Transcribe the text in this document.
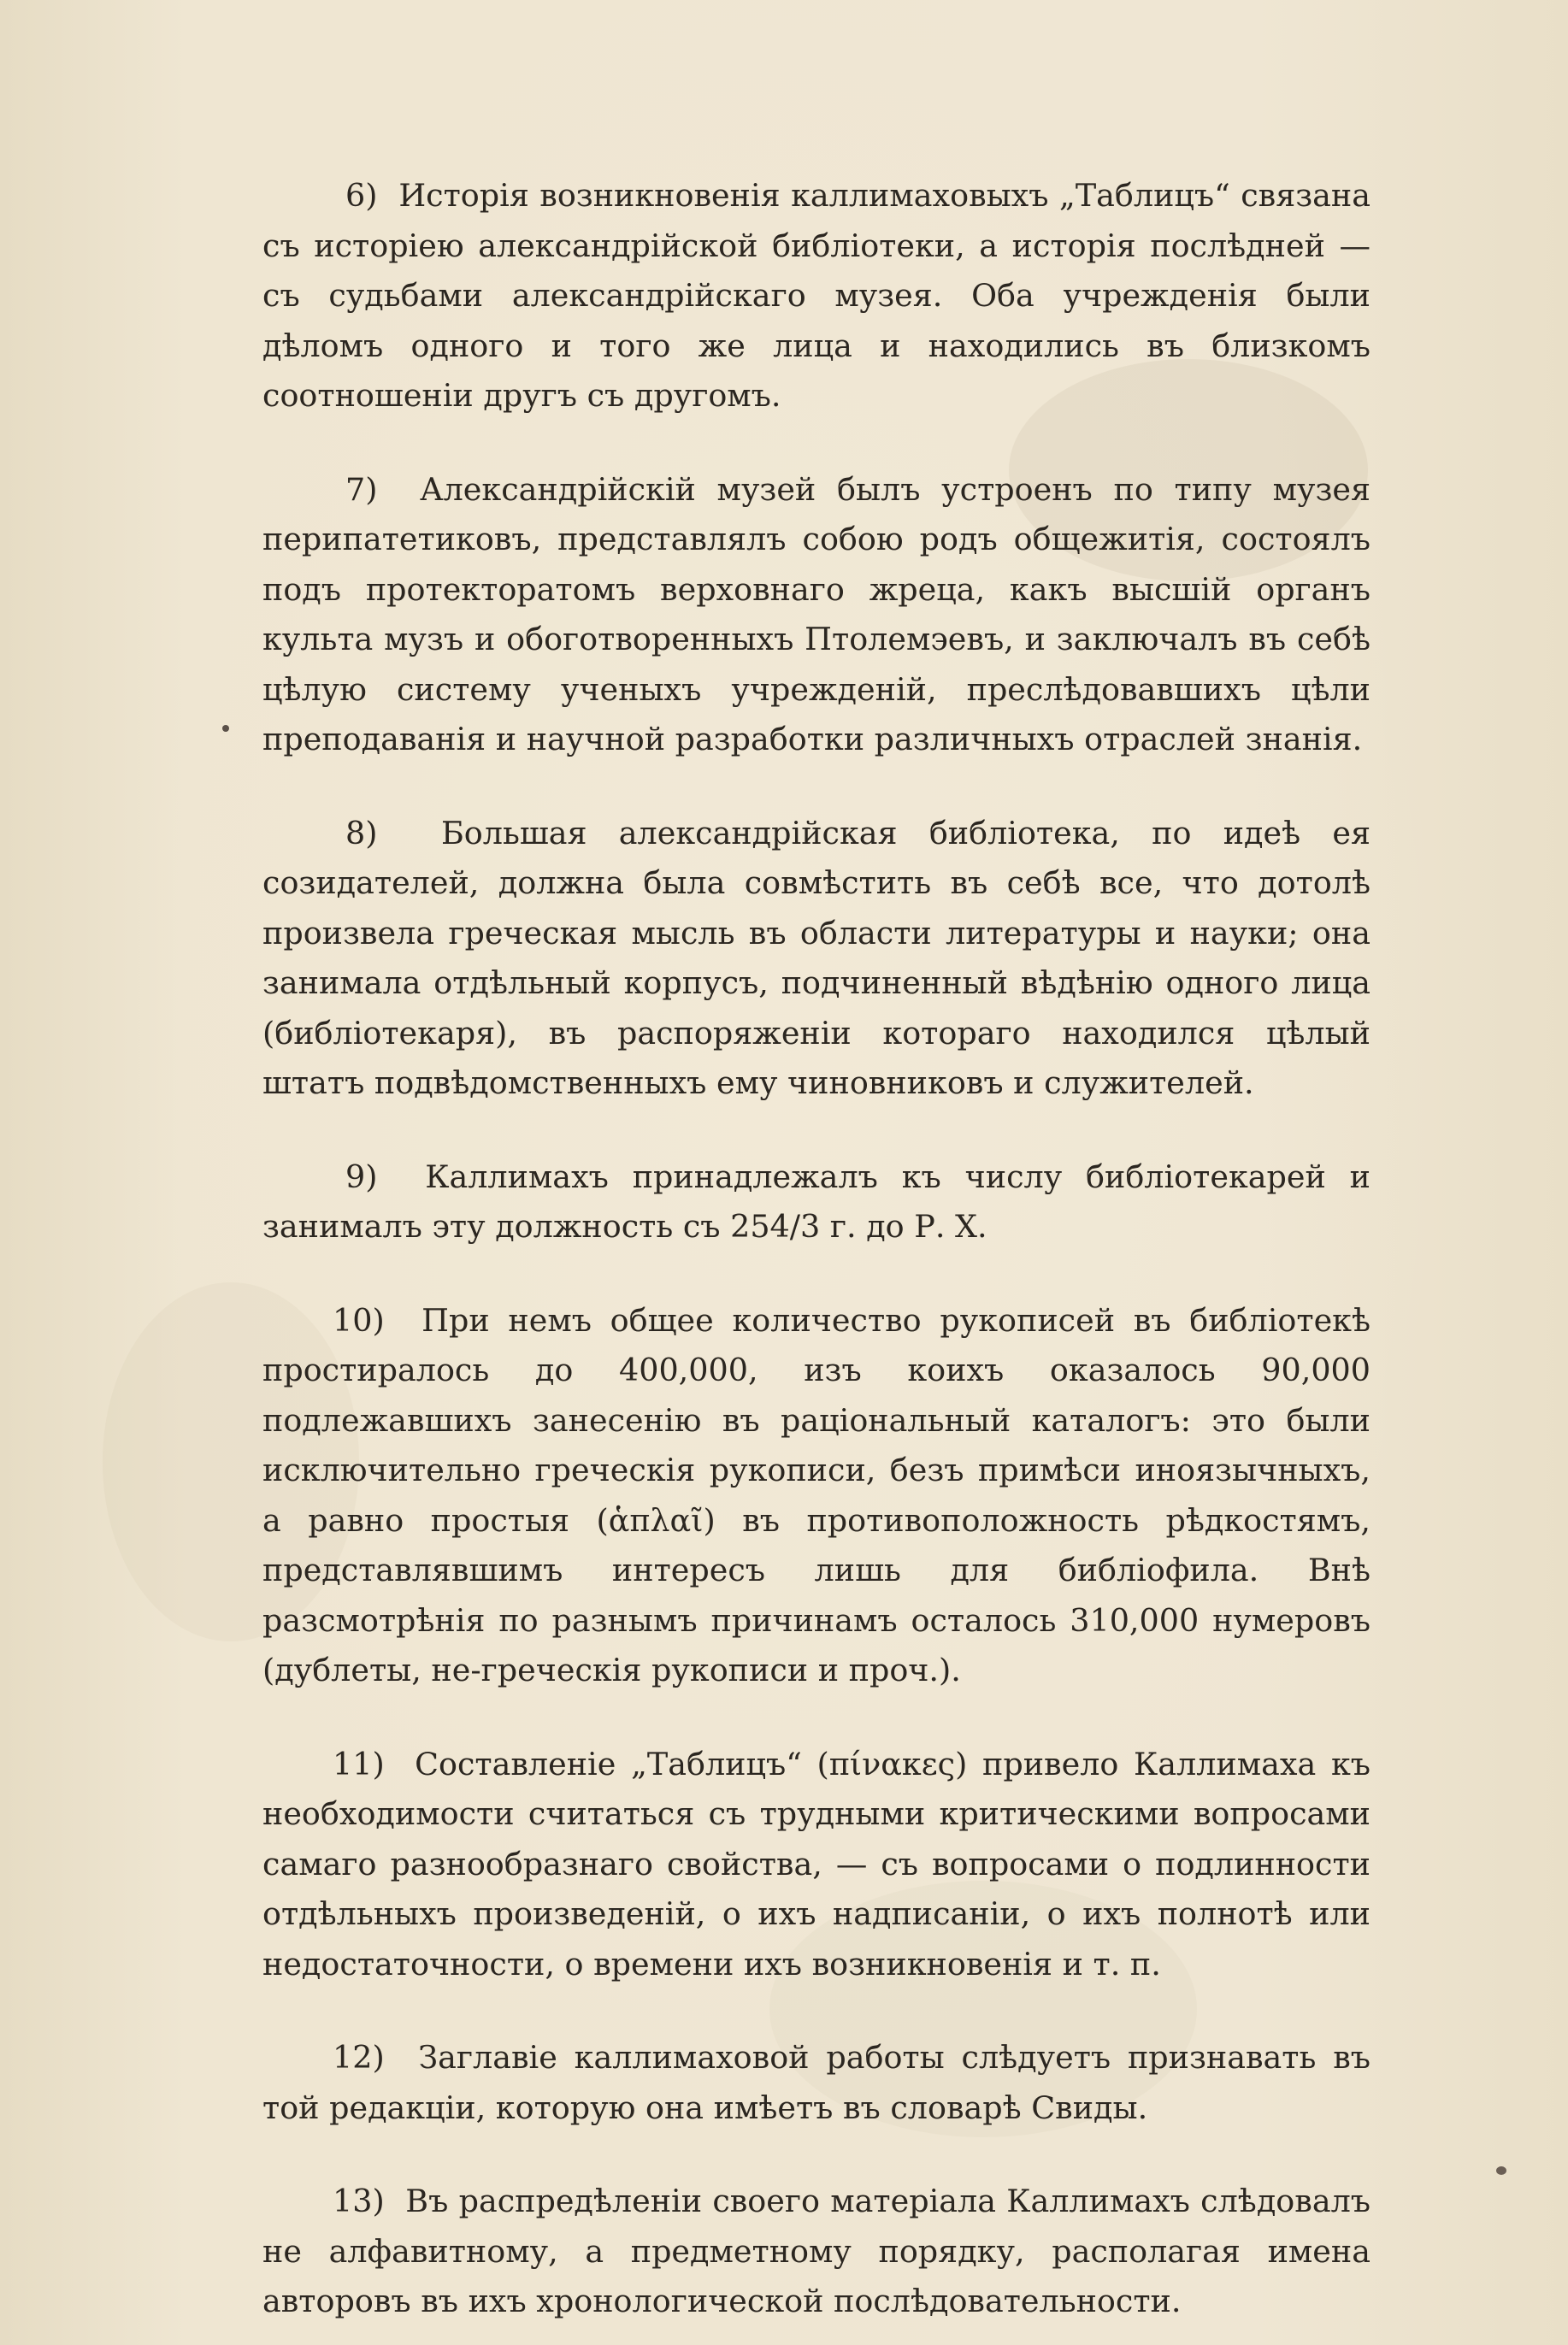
6) Исторія возникновенія каллимаховыхъ „Таблицъ“ связана съ исторіею александрійской библіотеки, а исторія послѣдней — съ судьбами александрійскаго музея. Оба учрежденія были дѣломъ одного и того же лица и находились въ близкомъ соотношеніи другъ съ другомъ.

7) Александрійскій музей былъ устроенъ по типу музея перипатетиковъ, представлялъ собою родъ общежитія, состоялъ подъ протекторатомъ верховнаго жреца, какъ высшій органъ культа музъ и обоготворенныхъ Птолемэевъ, и заключалъ въ себѣ цѣлую систему ученыхъ учрежденій, преслѣдовавшихъ цѣли преподаванія и научной разработки различныхъ отраслей знанія.

8) Большая александрійская библіотека, по идеѣ ея созидателей, должна была совмѣстить въ себѣ все, что дотолѣ произвела греческая мысль въ области литературы и науки; она занимала отдѣльный корпусъ, подчиненный вѣдѣнію одного лица (библіотекаря), въ распоряженіи котораго находился цѣлый штатъ подвѣдомственныхъ ему чиновниковъ и служителей.

9) Каллимахъ принадлежалъ къ числу библіотекарей и занималъ эту должность съ 254/3 г. до Р. Х.

10) При немъ общее количество рукописей въ библіотекѣ простиралось до 400,000, изъ коихъ оказалось 90,000 подлежавшихъ занесенію въ раціональный каталогъ: это были исключительно греческія рукописи, безъ примѣси иноязычныхъ, а равно простыя (ἁπλαῖ) въ противоположность рѣдкостямъ, представлявшимъ интересъ лишь для библіофила. Внѣ разсмотрѣнія по разнымъ причинамъ осталось 310,000 нумеровъ (дублеты, не-греческія рукописи и проч.).

11) Составленіе „Таблицъ“ (πίνακες) привело Каллимаха къ необходимости считаться съ трудными критическими вопросами самаго разнообразнаго свойства, — съ вопросами о подлинности отдѣльныхъ произведеній, о ихъ надписаніи, о ихъ полнотѣ или недостаточности, о времени ихъ возникновенія и т. п.

12) Заглавіе каллимаховой работы слѣдуетъ признавать въ той редакціи, которую она имѣетъ въ словарѣ Свиды.

13) Въ распредѣленіи своего матеріала Каллимахъ слѣдовалъ не алфавитному, а предметному порядку, располагая имена авторовъ въ ихъ хронологической послѣдовательности.
